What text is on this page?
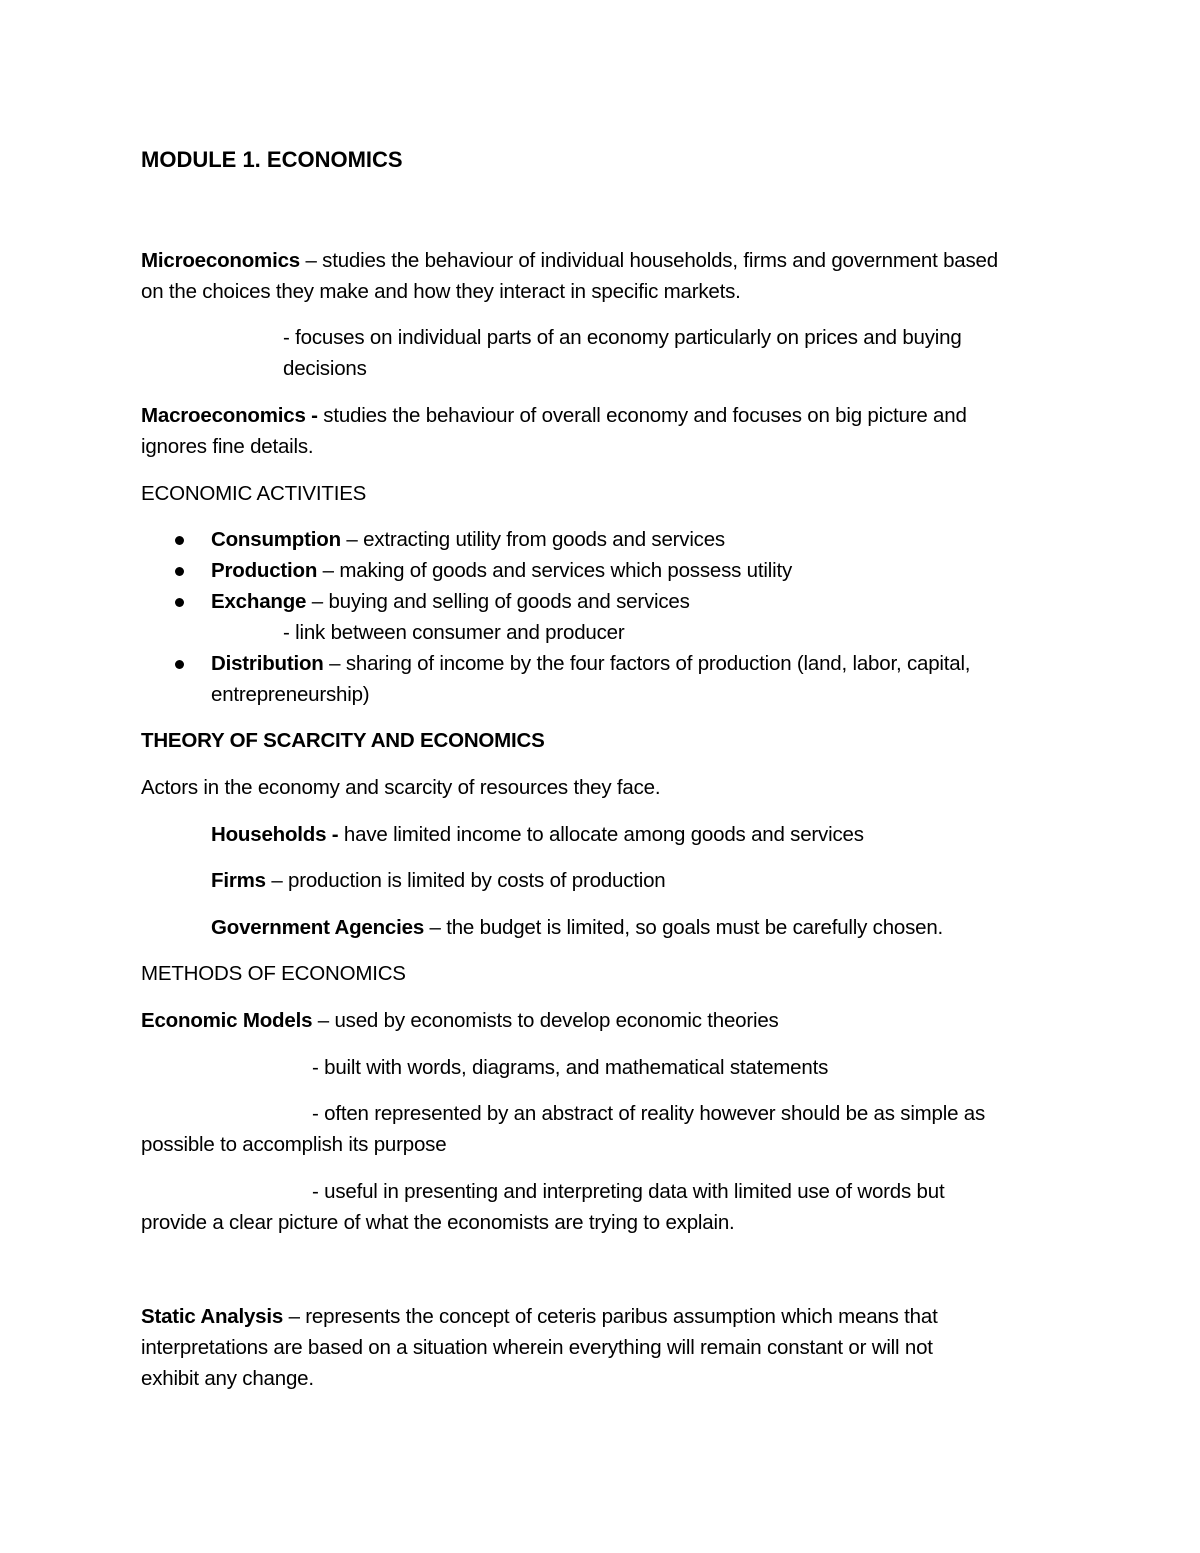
MODULE 1. ECONOMICS
Microeconomics – studies the behaviour of individual households, firms and government based
on the choices they make and how they interact in specific markets.
- focuses on individual parts of an economy particularly on prices and buying
decisions
Macroeconomics - studies the behaviour of overall economy and focuses on big picture and
ignores fine details.
ECONOMIC ACTIVITIES
Consumption – extracting utility from goods and services
Production – making of goods and services which possess utility
Exchange – buying and selling of goods and services
- link between consumer and producer
Distribution – sharing of income by the four factors of production (land, labor, capital,
entrepreneurship)
THEORY OF SCARCITY AND ECONOMICS
Actors in the economy and scarcity of resources they face.
Households - have limited income to allocate among goods and services
Firms – production is limited by costs of production
Government Agencies – the budget is limited, so goals must be carefully chosen.
METHODS OF ECONOMICS
Economic Models – used by economists to develop economic theories
- built with words, diagrams, and mathematical statements
- often represented by an abstract of reality however should be as simple as
possible to accomplish its purpose
- useful in presenting and interpreting data with limited use of words but
provide a clear picture of what the economists are trying to explain.
Static Analysis – represents the concept of ceteris paribus assumption which means that
interpretations are based on a situation wherein everything will remain constant or will not
exhibit any change.
